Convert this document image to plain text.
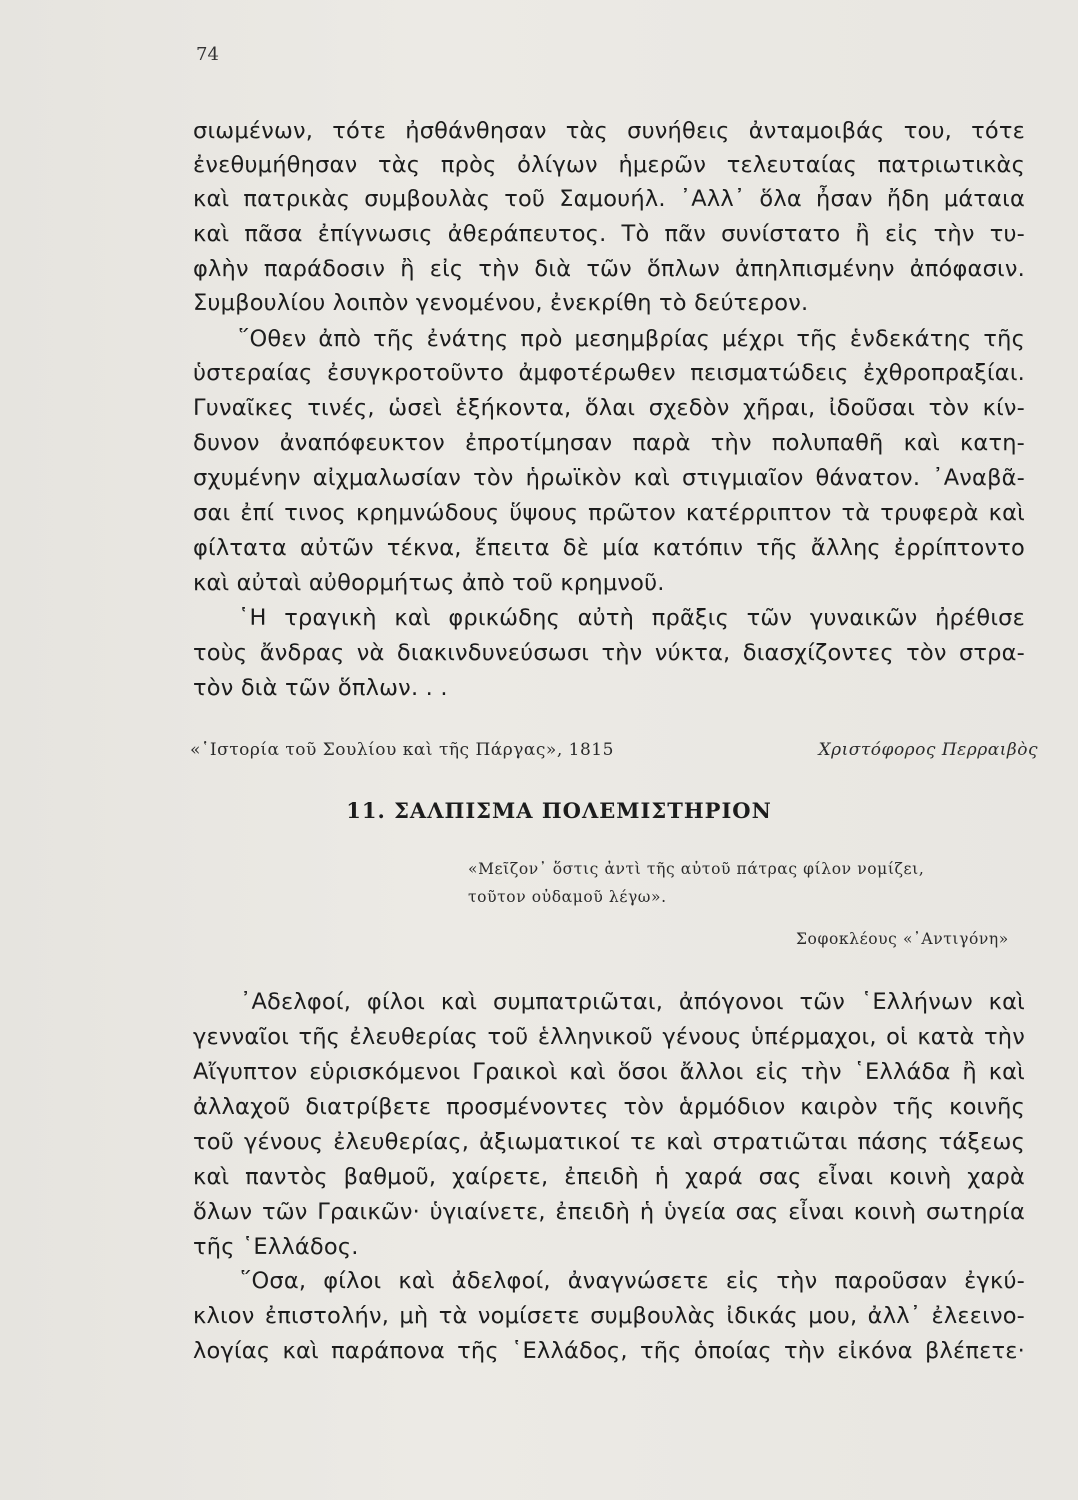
74
σιωμένων, τότε ἠσθάνθησαν τὰς συνήθεις ἀνταμοιβάς του, τότε
ἐνεθυμήθησαν τὰς πρὸς ὀλίγων ἡμερῶν τελευταίας πατριωτικὰς
καὶ πατρικὰς συμβουλὰς τοῦ Σαμουήλ. ᾿Αλλ᾿ ὅλα ἦσαν ἤδη μάταια
καὶ πᾶσα ἐπίγνωσις ἀθεράπευτος. Τὸ πᾶν συνίστατο ἢ εἰς τὴν τυ-
φλὴν παράδοσιν ἢ εἰς τὴν διὰ τῶν ὅπλων ἀπηλπισμένην ἀπόφασιν.
Συμβουλίου λοιπὸν γενομένου, ἐνεκρίθη τὸ δεύτερον.
῞Οθεν ἀπὸ τῆς ἐνάτης πρὸ μεσημβρίας μέχρι τῆς ἑνδεκάτης τῆς
ὑστεραίας ἐσυγκροτοῦντο ἀμφοτέρωθεν πεισματώδεις ἐχθροπραξίαι.
Γυναῖκες τινές, ὡσεὶ ἑξήκοντα, ὅλαι σχεδὸν χῆραι, ἰδοῦσαι τὸν κίν-
δυνον ἀναπόφευκτον ἐπροτίμησαν παρὰ τὴν πολυπαθῆ καὶ κατη-
σχυμένην αἰχμαλωσίαν τὸν ἡρωϊκὸν καὶ στιγμιαῖον θάνατον. ᾿Αναβᾶ-
σαι ἐπί τινος κρημνώδους ὕψους πρῶτον κατέρριπτον τὰ τρυφερὰ καὶ
φίλτατα αὐτῶν τέκνα, ἔπειτα δὲ μία κατόπιν τῆς ἄλλης ἐρρίπτοντο
καὶ αὐταὶ αὐθορμήτως ἀπὸ τοῦ κρημνοῦ.
῾Η τραγικὴ καὶ φρικώδης αὐτὴ πρᾶξις τῶν γυναικῶν ἠρέθισε
τοὺς ἄνδρας νὰ διακινδυνεύσωσι τὴν νύκτα, διασχίζοντες τὸν στρα-
τὸν διὰ τῶν ὅπλων. . .
«῾Ιστορία τοῦ Σουλίου καὶ τῆς Πάργας», 1815	Χριστόφορος Περραιβὸς
11. ΣΑΛΠΙΣΜΑ ΠΟΛΕΜΙΣΤΗΡΙΟΝ
«Μεῖζον᾿ ὅστις ἀντὶ τῆς αὐτοῦ πάτρας φίλον νομίζει,
τοῦτον οὐδαμοῦ λέγω».
Σοφοκλέους «᾿Αντιγόνη»
᾿Αδελφοί, φίλοι καὶ συμπατριῶται, ἀπόγονοι τῶν ῾Ελλήνων καὶ
γενναῖοι τῆς ἐλευθερίας τοῦ ἑλληνικοῦ γένους ὑπέρμαχοι, οἱ κατὰ τὴν
Αἴγυπτον εὑρισκόμενοι Γραικοὶ καὶ ὅσοι ἄλλοι εἰς τὴν ῾Ελλάδα ἢ καὶ
ἀλλαχοῦ διατρίβετε προσμένοντες τὸν ἁρμόδιον καιρὸν τῆς κοινῆς
τοῦ γένους ἐλευθερίας, ἀξιωματικοί τε καὶ στρατιῶται πάσης τάξεως
καὶ παντὸς βαθμοῦ, χαίρετε, ἐπειδὴ ἡ χαρά σας εἶναι κοινὴ χαρὰ
ὅλων τῶν Γραικῶν· ὑγιαίνετε, ἐπειδὴ ἡ ὑγεία σας εἶναι κοινὴ σωτηρία
τῆς ῾Ελλάδος.
῞Οσα, φίλοι καὶ ἀδελφοί, ἀναγνώσετε εἰς τὴν παροῦσαν ἐγκύ-
κλιον ἐπιστολήν, μὴ τὰ νομίσετε συμβουλὰς ἰδικάς μου, ἀλλ᾿ ἐλεεινο-
λογίας καὶ παράπονα τῆς ῾Ελλάδος, τῆς ὁποίας τὴν εἰκόνα βλέπετε·
